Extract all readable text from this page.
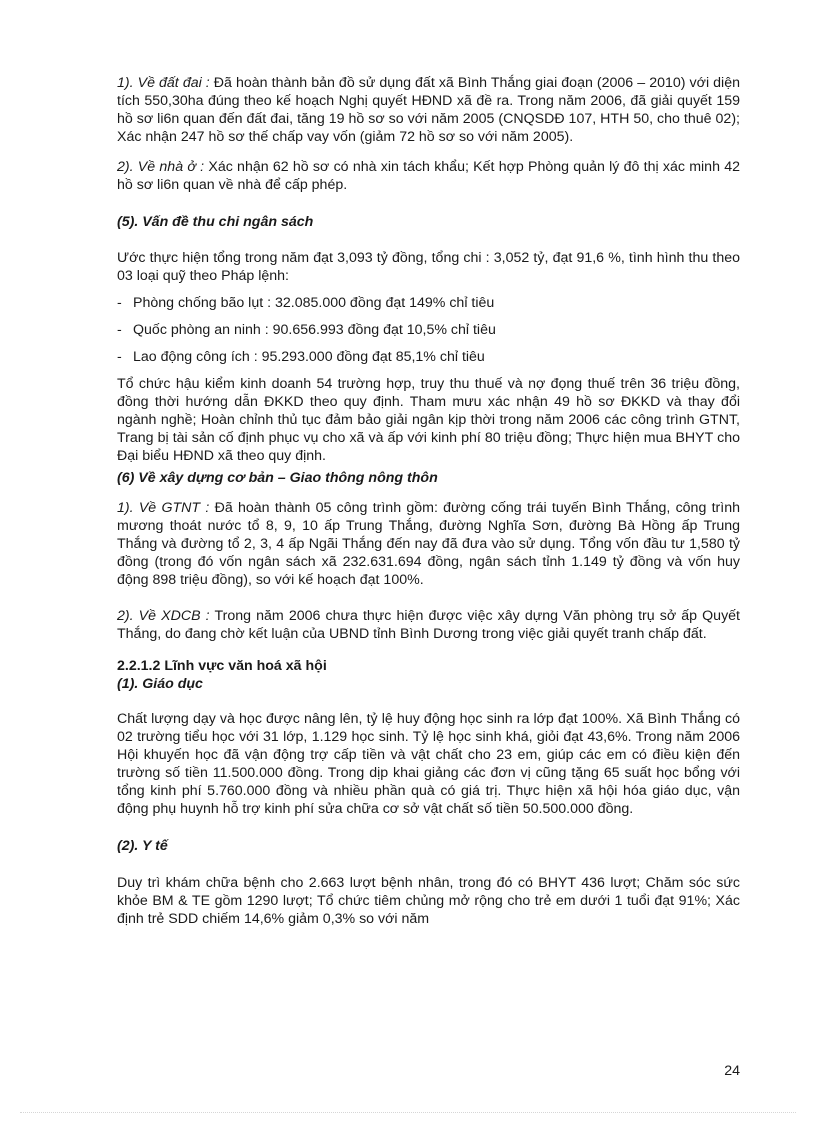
1). Về đất đai : Đã hoàn thành bản đồ sử dụng đất xã Bình Thắng giai đoạn (2006 – 2010) với diện tích 550,30ha đúng theo kế hoạch Nghị quyết HĐND xã đề ra. Trong năm 2006, đã giải quyết 159 hồ sơ li6n quan đến đất đai, tăng 19 hồ sơ so với năm 2005 (CNQSDĐ 107, HTH 50, cho thuê 02); Xác nhận 247 hồ sơ thế chấp vay vốn (giảm 72 hồ sơ so với năm 2005).

2). Về nhà ở : Xác nhận 62 hồ sơ có nhà xin tách khẩu; Kết hợp Phòng quản lý đô thị xác minh 42 hồ sơ li6n quan về nhà để cấp phép.

(5). Vấn đề thu chi ngân sách

Ước thực hiện tổng trong năm đạt 3,093 tỷ đồng, tổng chi : 3,052 tỷ, đạt 91,6 %, tình hình thu theo 03 loại quỹ theo Pháp lệnh:

- Phòng chống bão lụt : 32.085.000 đồng đạt 149% chỉ tiêu
- Quốc phòng an ninh : 90.656.993 đồng đạt 10,5% chỉ tiêu
- Lao động công ích : 95.293.000 đồng đạt 85,1% chỉ tiêu

Tổ chức hậu kiểm kinh doanh 54 trường hợp, truy thu thuế và nợ đọng thuế trên 36 triệu đồng, đồng thời hướng dẫn ĐKKD theo quy định. Tham mưu xác nhận 49 hồ sơ ĐKKD và thay đổi ngành nghề; Hoàn chỉnh thủ tục đảm bảo giải ngân kịp thời trong năm 2006 các công trình GTNT, Trang bị tài sản cố định phục vụ cho xã và ấp với kinh phí 80 triệu đồng; Thực hiện mua BHYT cho Đại biểu HĐND xã theo quy định.

(6) Về xây dựng cơ bản – Giao thông nông thôn

1). Về GTNT : Đã hoàn thành 05 công trình gồm: đường cống trái tuyến Bình Thắng, công trình mương thoát nước tổ 8, 9, 10 ấp Trung Thắng, đường Nghĩa Sơn, đường Bà Hồng ấp Trung Thắng và đường tổ 2, 3, 4 ấp Ngãi Thắng đến nay đã đưa vào sử dụng. Tổng vốn đầu tư 1,580 tỷ đồng (trong đó vốn ngân sách xã 232.631.694 đồng, ngân sách tỉnh 1.149 tỷ đồng và vốn huy động 898 triệu đồng), so với kế hoạch đạt 100%.

2). Về XDCB : Trong năm 2006 chưa thực hiện được việc xây dựng Văn phòng trụ sở ấp Quyết Thắng, do đang chờ kết luận của UBND tỉnh Bình Dương trong việc giải quyết tranh chấp đất.

2.2.1.2 Lĩnh vực văn hoá xã hội

(1). Giáo dục

Chất lượng dạy và học được nâng lên, tỷ lệ huy động học sinh ra lớp đạt 100%. Xã Bình Thắng có 02 trường tiểu học với 31 lớp, 1.129 học sinh. Tỷ lệ học sinh khá, giỏi đạt 43,6%. Trong năm 2006 Hội khuyến học đã vận động trợ cấp tiền và vật chất cho 23 em, giúp các em có điều kiện đến trường số tiền 11.500.000 đồng. Trong dịp khai giảng các đơn vị cũng tặng 65 suất học bổng với tổng kinh phí 5.760.000 đồng và nhiều phần quà có giá trị. Thực hiện xã hội hóa giáo dục, vận động phụ huynh hỗ trợ kinh phí sửa chữa cơ sở vật chất số tiền 50.500.000 đồng.

(2). Y tế

Duy trì khám chữa bệnh cho 2.663 lượt bệnh nhân, trong đó có BHYT 436 lượt; Chăm sóc sức khỏe BM & TE gồm 1290 lượt; Tổ chức tiêm chủng mở rộng cho trẻ em dưới 1 tuổi đạt 91%; Xác định trẻ SDD chiếm 14,6% giảm 0,3% so với năm

24
